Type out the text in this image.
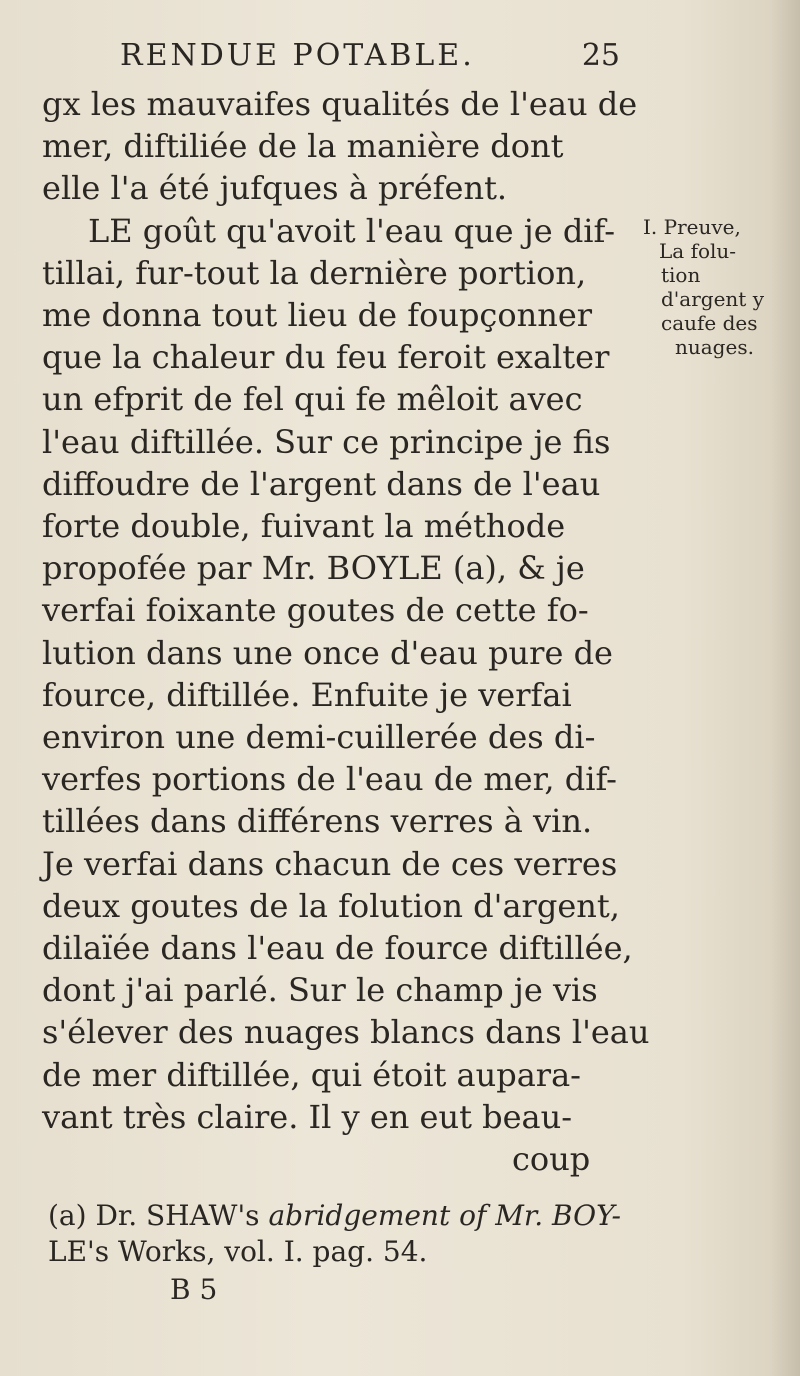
RENDUE POTABLE.	25
I. Preuve,
La folu-
tion
d'argent y
caufe des
nuages.
gx les mauvaifes qualités de l'eau de
mer, diftiliée de la manière dont
elle l'a été jufques à préfent.
LE goût qu'avoit l'eau que je dif-
tillai, fur-tout la dernière portion,
me donna tout lieu de foupçonner
que la chaleur du feu feroit exalter
un efprit de fel qui fe mêloit avec
l'eau diftillée. Sur ce principe je fis
diffoudre de l'argent dans de l'eau
forte double, fuivant la méthode
propofée par Mr. BOYLE (a), & je
verfai foixante goutes de cette fo-
lution dans une once d'eau pure de
fource, diftillée. Enfuite je verfai
environ une demi-cuillerée des di-
verfes portions de l'eau de mer, dif-
tillées dans différens verres à vin.
Je verfai dans chacun de ces verres
deux goutes de la folution d'argent,
dilaïée dans l'eau de fource diftillée,
dont j'ai parlé. Sur le champ je vis
s'élever des nuages blancs dans l'eau
de mer diftillée, qui étoit aupara-
vant très claire. Il y en eut beau-
coup
(a) Dr. SHAW's abridgement of Mr. BOY-
LE's Works, vol. I. pag. 54.
B 5
